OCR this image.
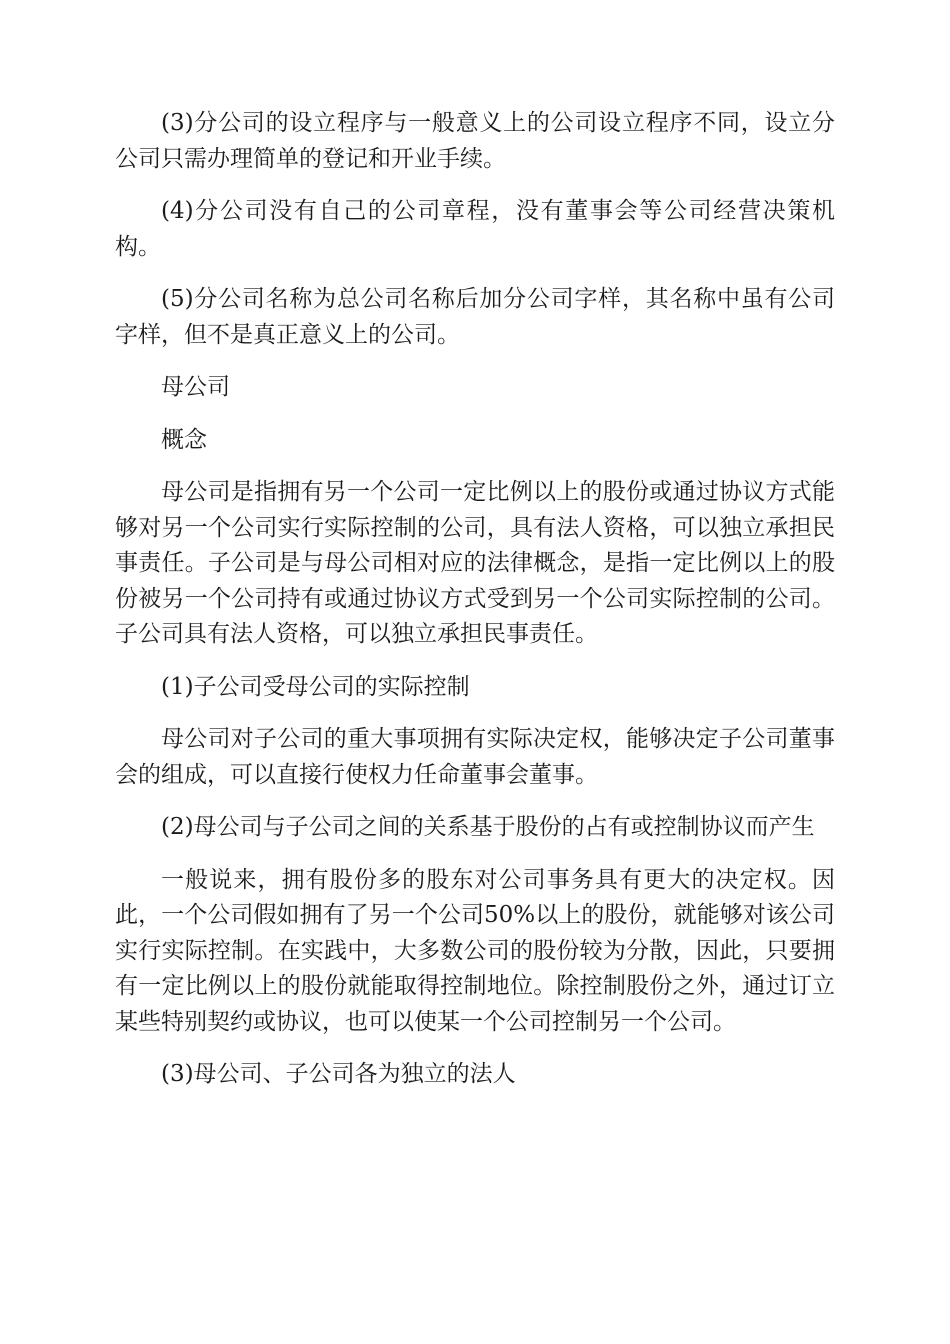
(3)分公司的设立程序与一般意义上的公司设立程序不同，设立分公司只需办理简单的登记和开业手续。

(4)分公司没有自己的公司章程，没有董事会等公司经营决策机构。

(5)分公司名称为总公司名称后加分公司字样，其名称中虽有公司字样，但不是真正意义上的公司。

母公司

概念

母公司是指拥有另一个公司一定比例以上的股份或通过协议方式能够对另一个公司实行实际控制的公司，具有法人资格，可以独立承担民事责任。子公司是与母公司相对应的法律概念，是指一定比例以上的股份被另一个公司持有或通过协议方式受到另一个公司实际控制的公司。子公司具有法人资格，可以独立承担民事责任。

(1)子公司受母公司的实际控制

母公司对子公司的重大事项拥有实际决定权，能够决定子公司董事会的组成，可以直接行使权力任命董事会董事。

(2)母公司与子公司之间的关系基于股份的占有或控制协议而产生

一般说来，拥有股份多的股东对公司事务具有更大的决定权。因此，一个公司假如拥有了另一个公司50%以上的股份，就能够对该公司实行实际控制。在实践中，大多数公司的股份较为分散，因此，只要拥有一定比例以上的股份就能取得控制地位。除控制股份之外，通过订立某些特别契约或协议，也可以使某一个公司控制另一个公司。

(3)母公司、子公司各为独立的法人
